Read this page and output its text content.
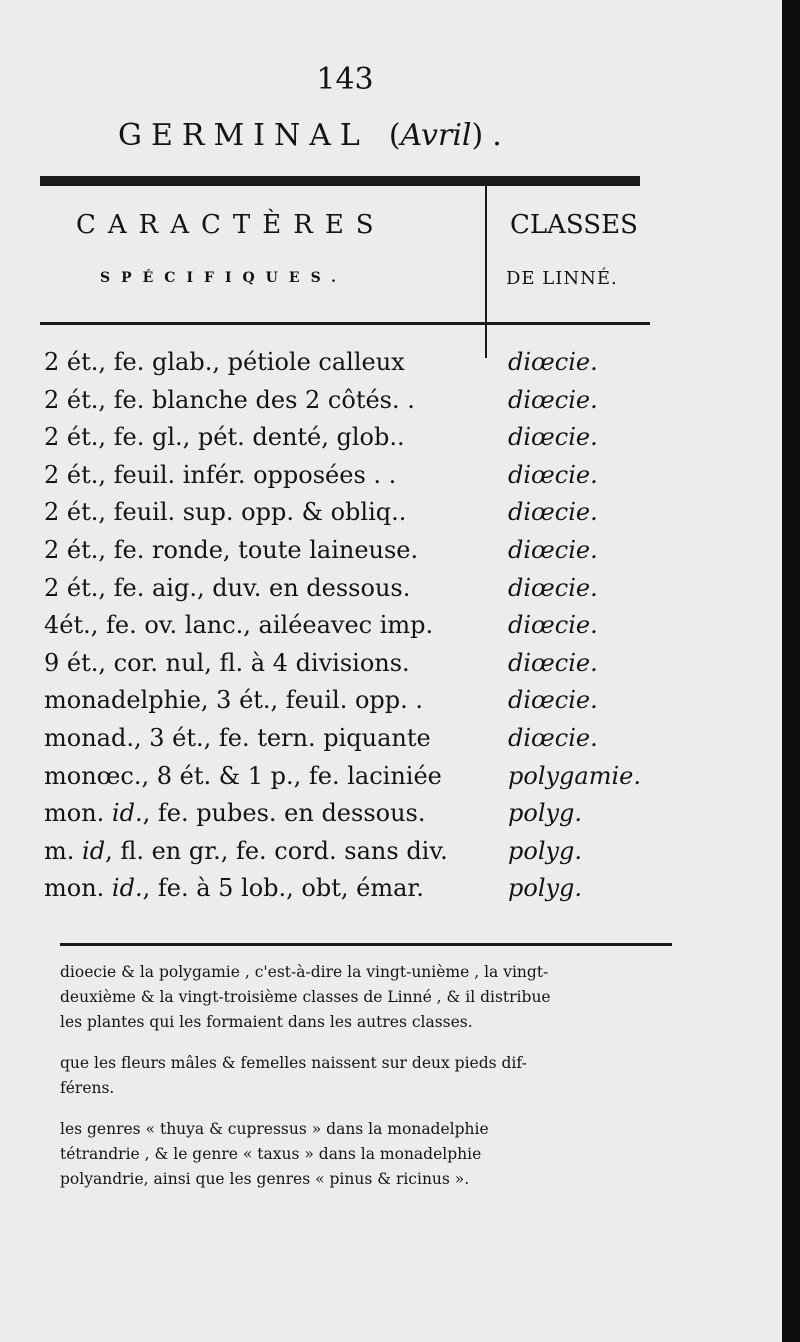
143
GERMINAL (Avril).
CARACTÈRES
SPÉCIFIQUES.
CLASSES
DE LINNÉ.
2 ét., fe. glab., pétiole calleux	diœcie.
2 ét., fe. blanche des 2 côtés. .	diœcie.
2 ét., fe. gl., pét. denté, glob..	diœcie.
2 ét., feuil. infér. opposées . .	diœcie.
2 ét., feuil. sup. opp. & obliq..	diœcie.
2 ét., fe. ronde, toute laineuse.	diœcie.
2 ét., fe. aig., duv. en dessous.	diœcie.
4ét., fe. ov. lanc., ailéeavec imp.	diœcie.
9 ét., cor. nul, fl. à 4 divisions.	diœcie.
monadelphie, 3 ét., feuil. opp. .	diœcie.
monad., 3 ét., fe. tern. piquante	diœcie.
monœc., 8 ét. & 1 p., fe. laciniée	polygamie.
mon. id., fe. pubes. en dessous.	polyg.
m. id, fl. en gr., fe. cord. sans div.	polyg.
mon. id., fe. à 5 lob., obt, émar.	polyg.
dioecie & la polygamie , c'est-à-dire la vingt-unième , la vingt-
deuxième & la vingt-troisième classes de Linné , & il distribue
les plantes qui les formaient dans les autres classes.
que les fleurs mâles & femelles naissent sur deux pieds dif-
férens.
les genres « thuya & cupressus » dans la monadelphie
tétrandrie , & le genre « taxus » dans la monadelphie
polyandrie, ainsi que les genres « pinus & ricinus ».
